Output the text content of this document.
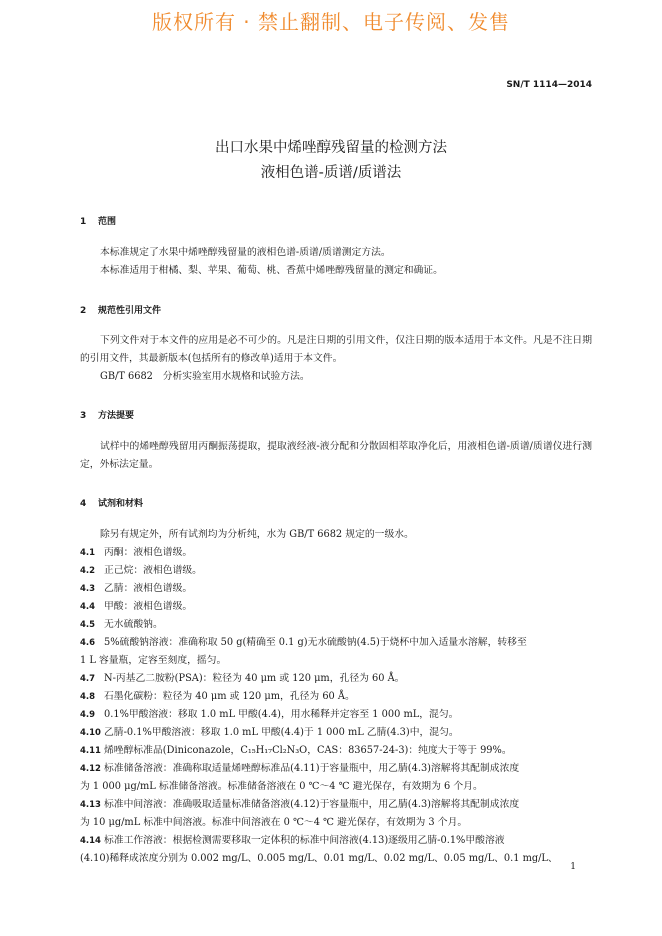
版权所有 · 禁止翻制、电子传阅、发售
SN/T 1114—2014
出口水果中烯唑醇残留量的检测方法
液相色谱-质谱/质谱法
1 范围
本标准规定了水果中烯唑醇残留量的液相色谱-质谱/质谱测定方法。
本标准适用于柑橘、梨、苹果、葡萄、桃、香蕉中烯唑醇残留量的测定和确证。
2 规范性引用文件
下列文件对于本文件的应用是必不可少的。凡是注日期的引用文件，仅注日期的版本适用于本文件。凡是不注日期的引用文件，其最新版本(包括所有的修改单)适用于本文件。
GB/T 6682　分析实验室用水规格和试验方法。
3 方法提要
试样中的烯唑醇残留用丙酮振荡提取，提取液经液-液分配和分散固相萃取净化后，用液相色谱-质谱/质谱仪进行测定，外标法定量。
4 试剂和材料
除另有规定外，所有试剂均为分析纯，水为 GB/T 6682 规定的一级水。
4.1 丙酮：液相色谱级。
4.2 正己烷：液相色谱级。
4.3 乙腈：液相色谱级。
4.4 甲酸：液相色谱级。
4.5 无水硫酸钠。
4.6 5%硫酸钠溶液：准确称取 50 g(精确至 0.1 g)无水硫酸钠(4.5)于烧杯中加入适量水溶解，转移至
1 L 容量瓶，定容至刻度，摇匀。
4.7 N-丙基乙二胺粉(PSA)：粒径为 40 μm 或 120 μm，孔径为 60 Å。
4.8 石墨化碳粉：粒径为 40 μm 或 120 μm，孔径为 60 Å。
4.9 0.1%甲酸溶液：移取 1.0 mL 甲酸(4.4)，用水稀释并定容至 1 000 mL，混匀。
4.10 乙腈-0.1%甲酸溶液：移取 1.0 mL 甲酸(4.4)于 1 000 mL 乙腈(4.3)中，混匀。
4.11 烯唑醇标准品(Diniconazole，C₁₅H₁₇Cl₂N₃O，CAS：83657-24-3)：纯度大于等于 99%。
4.12 标准储备溶液：准确称取适量烯唑醇标准品(4.11)于容量瓶中，用乙腈(4.3)溶解将其配制成浓度
为 1 000 μg/mL 标准储备溶液。标准储备溶液在 0 ℃～4 ℃ 避光保存，有效期为 6 个月。
4.13 标准中间溶液：准确吸取适量标准储备溶液(4.12)于容量瓶中，用乙腈(4.3)溶解将其配制成浓度
为 10 μg/mL 标准中间溶液。标准中间溶液在 0 ℃～4 ℃ 避光保存，有效期为 3 个月。
4.14 标准工作溶液：根据检测需要移取一定体积的标准中间溶液(4.13)逐级用乙腈-0.1%甲酸溶液
(4.10)稀释成浓度分别为 0.002 mg/L、0.005 mg/L、0.01 mg/L、0.02 mg/L、0.05 mg/L、0.1 mg/L、
1
